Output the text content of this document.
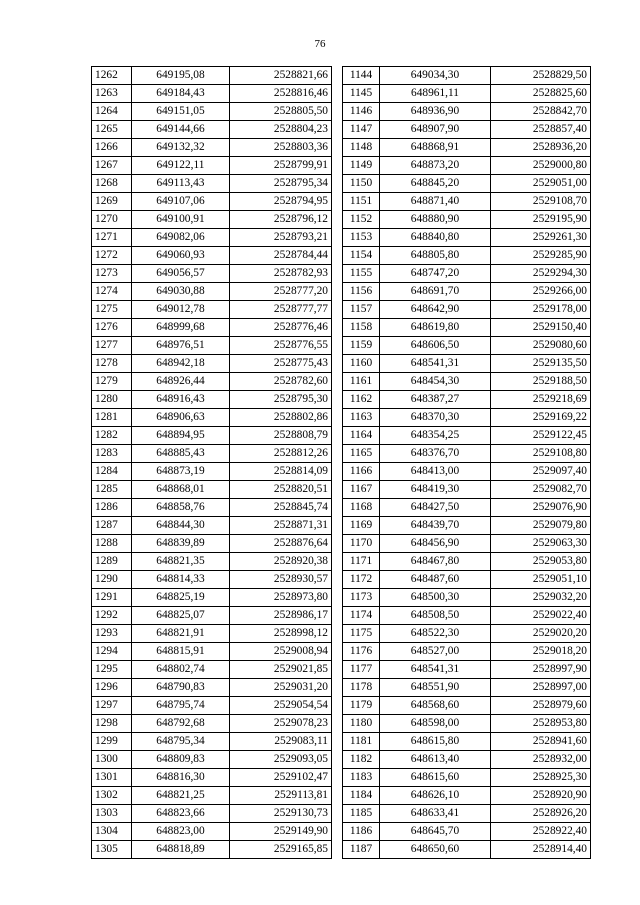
76
1262	649195,08	2528821,66
1263	649184,43	2528816,46
1264	649151,05	2528805,50
1265	649144,66	2528804,23
1266	649132,32	2528803,36
1267	649122,11	2528799,91
1268	649113,43	2528795,34
1269	649107,06	2528794,95
1270	649100,91	2528796,12
1271	649082,06	2528793,21
1272	649060,93	2528784,44
1273	649056,57	2528782,93
1274	649030,88	2528777,20
1275	649012,78	2528777,77
1276	648999,68	2528776,46
1277	648976,51	2528776,55
1278	648942,18	2528775,43
1279	648926,44	2528782,60
1280	648916,43	2528795,30
1281	648906,63	2528802,86
1282	648894,95	2528808,79
1283	648885,43	2528812,26
1284	648873,19	2528814,09
1285	648868,01	2528820,51
1286	648858,76	2528845,74
1287	648844,30	2528871,31
1288	648839,89	2528876,64
1289	648821,35	2528920,38
1290	648814,33	2528930,57
1291	648825,19	2528973,80
1292	648825,07	2528986,17
1293	648821,91	2528998,12
1294	648815,91	2529008,94
1295	648802,74	2529021,85
1296	648790,83	2529031,20
1297	648795,74	2529054,54
1298	648792,68	2529078,23
1299	648795,34	2529083,11
1300	648809,83	2529093,05
1301	648816,30	2529102,47
1302	648821,25	2529113,81
1303	648823,66	2529130,73
1304	648823,00	2529149,90
1305	648818,89	2529165,85
1144	649034,30	2528829,50
1145	648961,11	2528825,60
1146	648936,90	2528842,70
1147	648907,90	2528857,40
1148	648868,91	2528936,20
1149	648873,20	2529000,80
1150	648845,20	2529051,00
1151	648871,40	2529108,70
1152	648880,90	2529195,90
1153	648840,80	2529261,30
1154	648805,80	2529285,90
1155	648747,20	2529294,30
1156	648691,70	2529266,00
1157	648642,90	2529178,00
1158	648619,80	2529150,40
1159	648606,50	2529080,60
1160	648541,31	2529135,50
1161	648454,30	2529188,50
1162	648387,27	2529218,69
1163	648370,30	2529169,22
1164	648354,25	2529122,45
1165	648376,70	2529108,80
1166	648413,00	2529097,40
1167	648419,30	2529082,70
1168	648427,50	2529076,90
1169	648439,70	2529079,80
1170	648456,90	2529063,30
1171	648467,80	2529053,80
1172	648487,60	2529051,10
1173	648500,30	2529032,20
1174	648508,50	2529022,40
1175	648522,30	2529020,20
1176	648527,00	2529018,20
1177	648541,31	2528997,90
1178	648551,90	2528997,00
1179	648568,60	2528979,60
1180	648598,00	2528953,80
1181	648615,80	2528941,60
1182	648613,40	2528932,00
1183	648615,60	2528925,30
1184	648626,10	2528920,90
1185	648633,41	2528926,20
1186	648645,70	2528922,40
1187	648650,60	2528914,40
